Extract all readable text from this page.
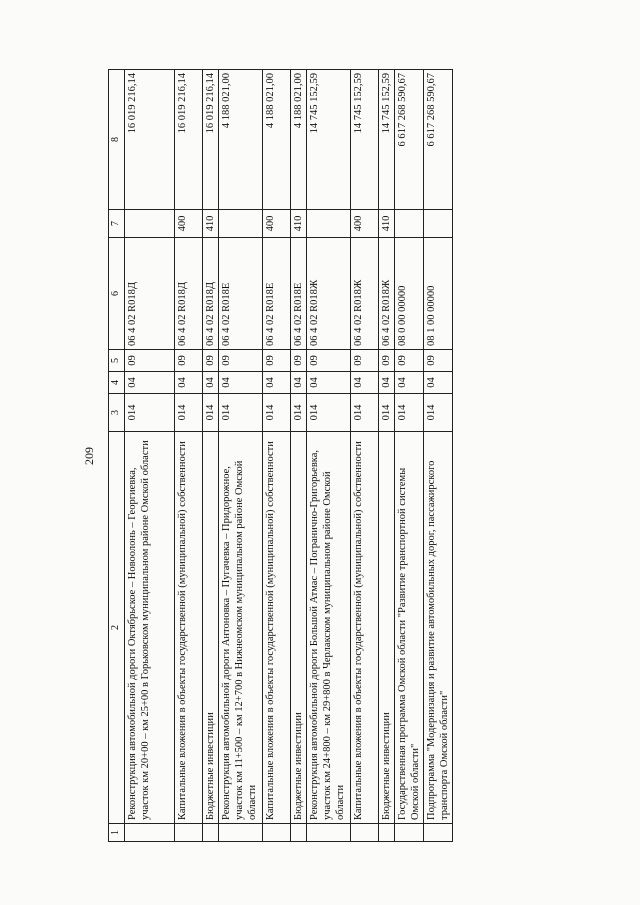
209
1	2	3	4	5	6	7	8
	Реконструкция автомобильной дороги Октябрьское – Новоолонь – Георгиевка, участок км 20+00 – км 25+00 в Горьковском муниципальном районе Омской области	014	04	09	06 4 02 R018Д		16 019 216,14
	Капитальные вложения в объекты государственной (муниципальной) собственности	014	04	09	06 4 02 R018Д	400	16 019 216,14
	Бюджетные инвестиции	014	04	09	06 4 02 R018Д	410	16 019 216,14
	Реконструкция автомобильной дороги Антоновка – Пугачевка – Придорожное, участок км 11+500 – км 12+700 в Нижнеомском муниципальном районе Омской области	014	04	09	06 4 02 R018Е		4 188 021,00
	Капитальные вложения в объекты государственной (муниципальной) собственности	014	04	09	06 4 02 R018Е	400	4 188 021,00
	Бюджетные инвестиции	014	04	09	06 4 02 R018Е	410	4 188 021,00
	Реконструкция автомобильной дороги Большой Атмас – Погранично-Григорьевка, участок км 24+800 – км 29+800 в Черлакском муниципальном районе Омской области	014	04	09	06 4 02 R018Ж		14 745 152,59
	Капитальные вложения в объекты государственной (муниципальной) собственности	014	04	09	06 4 02 R018Ж	400	14 745 152,59
	Бюджетные инвестиции	014	04	09	06 4 02 R018Ж	410	14 745 152,59
	Государственная программа Омской области "Развитие транспортной системы Омской области"	014	04	09	08 0 00 00000		6 617 268 590,67
	Подпрограмма "Модернизация и развитие автомобильных дорог, пассажирского транспорта Омской области"	014	04	09	08 1 00 00000		6 617 268 590,67
